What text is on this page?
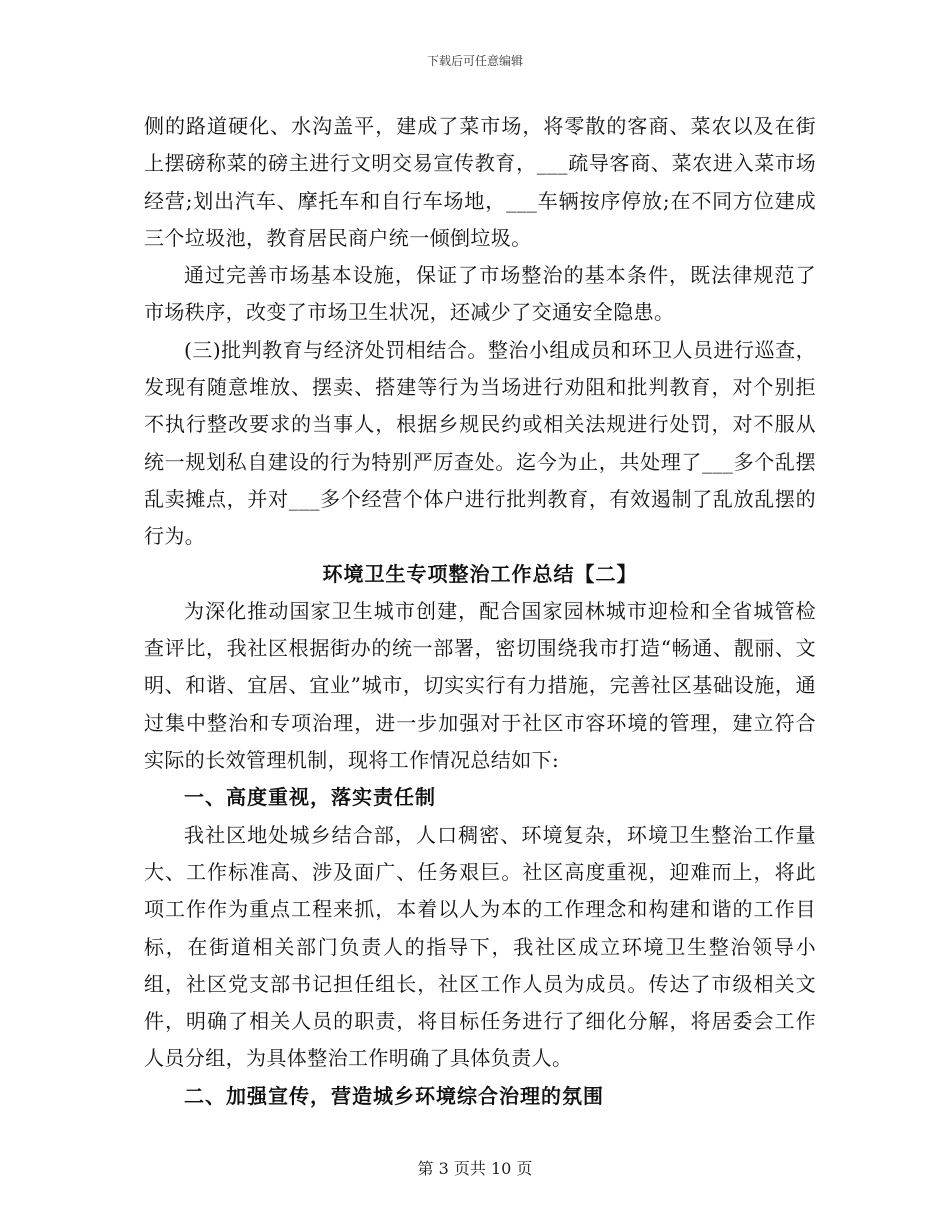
下载后可任意编辑

侧的路道硬化、水沟盖平，建成了菜市场，将零散的客商、菜农以及在街上摆磅称菜的磅主进行文明交易宣传教育，___疏导客商、菜农进入菜市场经营;划出汽车、摩托车和自行车场地，___车辆按序停放;在不同方位建成三个垃圾池，教育居民商户统一倾倒垃圾。

通过完善市场基本设施，保证了市场整治的基本条件，既法律规范了市场秩序，改变了市场卫生状况，还减少了交通安全隐患。

(三)批判教育与经济处罚相结合。整治小组成员和环卫人员进行巡查，发现有随意堆放、摆卖、搭建等行为当场进行劝阻和批判教育，对个别拒不执行整改要求的当事人，根据乡规民约或相关法规进行处罚，对不服从统一规划私自建设的行为特别严厉查处。迄今为止，共处理了___多个乱摆乱卖摊点，并对___多个经营个体户进行批判教育，有效遏制了乱放乱摆的行为。

环境卫生专项整治工作总结【二】

为深化推动国家卫生城市创建，配合国家园林城市迎检和全省城管检查评比，我社区根据街办的统一部署，密切围绕我市打造“畅通、靓丽、文明、和谐、宜居、宜业”城市，切实实行有力措施，完善社区基础设施，通过集中整治和专项治理，进一步加强对于社区市容环境的管理，建立符合实际的长效管理机制，现将工作情况总结如下:

一、高度重视，落实责任制

我社区地处城乡结合部，人口稠密、环境复杂，环境卫生整治工作量大、工作标准高、涉及面广、任务艰巨。社区高度重视，迎难而上，将此项工作作为重点工程来抓，本着以人为本的工作理念和构建和谐的工作目标，在街道相关部门负责人的指导下，我社区成立环境卫生整治领导小组，社区党支部书记担任组长，社区工作人员为成员。传达了市级相关文件，明确了相关人员的职责，将目标任务进行了细化分解，将居委会工作人员分组，为具体整治工作明确了具体负责人。

二、加强宣传，营造城乡环境综合治理的氛围

第 3 页共 10 页
